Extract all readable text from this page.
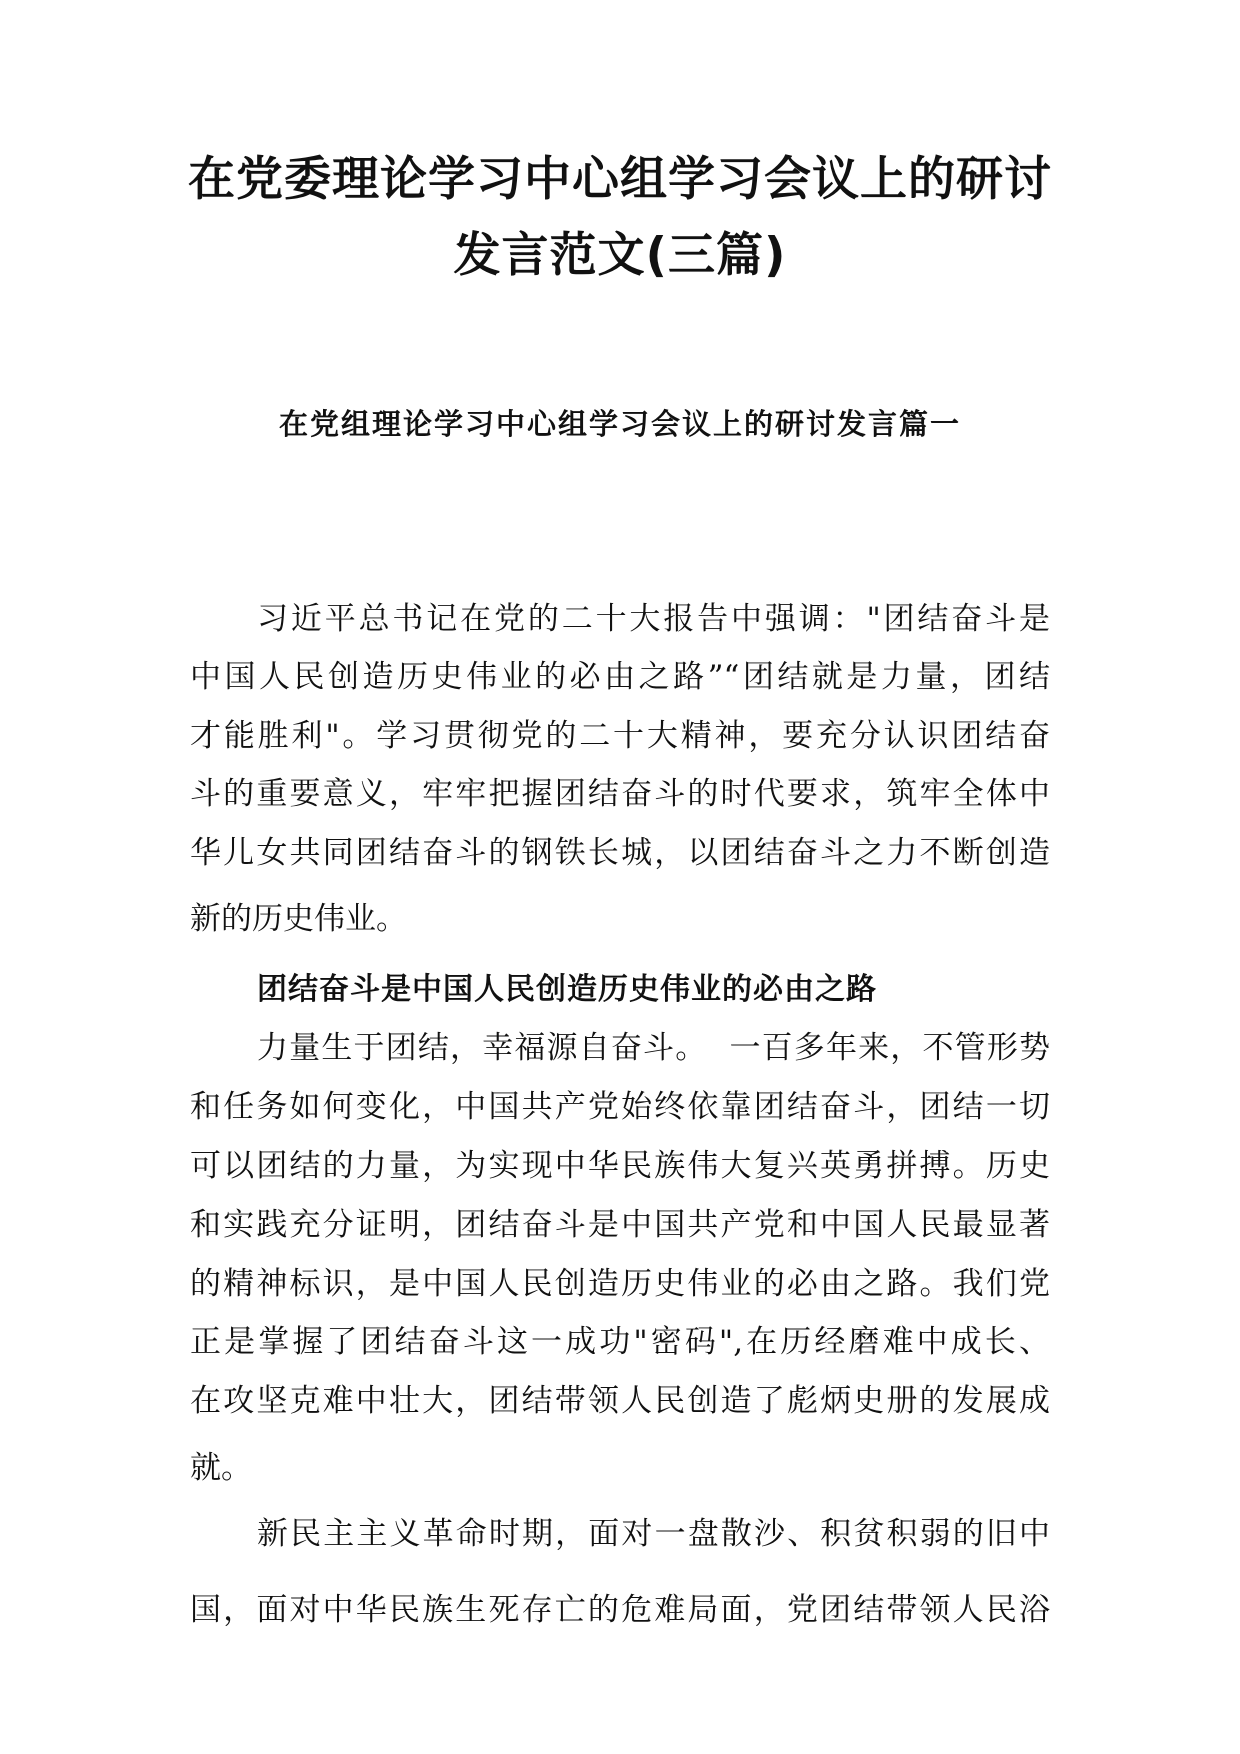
在党委理论学习中心组学习会议上的研讨
发言范文(三篇)
在党组理论学习中心组学习会议上的研讨发言篇一
习​近​平​总​书​记​在​党​的​二​十​大​报​告​中​强​调​：​"​团​结​奋​斗​是
中​国​人​民​创​造​历​史​伟​业​的​必​由​之​路​”​“​团​结​就​是​力​量​，​团​结
才​能​胜​利​"​。​学​习​贯​彻​党​的​二​十​大​精​神​，​要​充​分​认​识​团​结​奋
斗​的​重​要​意​义​，​牢​牢​把​握​团​结​奋​斗​的​时​代​要​求​，​筑​牢​全​体​中
华​儿​女​共​同​团​结​奋​斗​的​钢​铁​长​城​，​以​团​结​奋​斗​之​力​不​断​创​造
新的历史伟业。
团结奋斗是中国人民创造历史伟业的必由之路
力​量​生​于​团​结​，​幸​福​源​自​奋​斗​。​ ​ ​一​百​多​年​来​，​不​管​形​势
和​任​务​如​何​变​化​，​中​国​共​产​党​始​终​依​靠​团​结​奋​斗​，​团​结​一​切
可​以​团​结​的​力​量​，​为​实​现​中​华​民​族​伟​大​复​兴​英​勇​拼​搏​。​历​史
和​实​践​充​分​证​明​，​团​结​奋​斗​是​中​国​共​产​党​和​中​国​人​民​最​显​著
的​精​神​标​识​，​是​中​国​人​民​创​造​历​史​伟​业​的​必​由​之​路​。​我​们​党
正​是​掌​握​了​团​结​奋​斗​这​一​成​功​"​密​码​"​,​在​历​经​磨​难​中​成​长​、
在​攻​坚​克​难​中​壮​大​，​团​结​带​领​人​民​创​造​了​彪​炳​史​册​的​发​展​成
就。
新​民​主​主​义​革​命​时​期​，​面​对​一​盘​散​沙​、​积​贫​积​弱​的​旧​中
国​，​面​对​中​华​民​族​生​死​存​亡​的​危​难​局​面​，​党​团​结​带​领​人​民​浴
